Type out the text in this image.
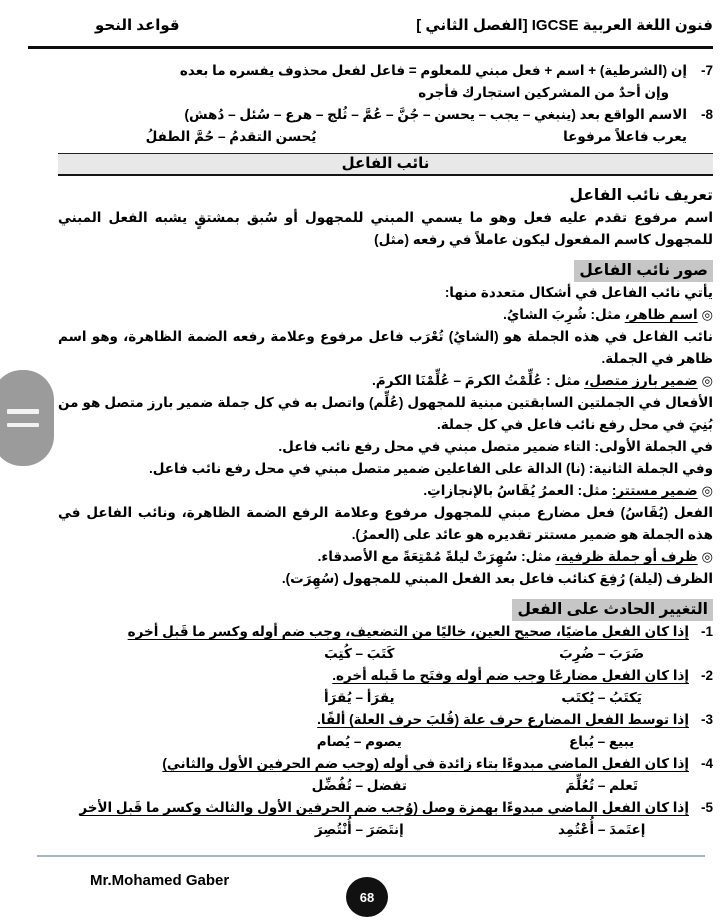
فنون اللغة العربية IGCSE [الفصل الثاني ]
قواعد النحو
7-
إن (الشرطية) + اسم + فعل مبني للمعلوم = فاعل لفعل محذوف يفسره ما بعده
وإن أحدٌ من المشركين استجارك فأجره
8-
الاسم الواقع بعد (ينبغي – يجب – يحسن – جُنَّ – عُمَّ – ثُلج – هرع – سُئل – دُهش)
يعرب فاعلاً مرفوعا
يُحسن التقدمُ – حُمَّ الطفلُ
نائب الفاعل
تعريف نائب الفاعل
اسم مرفوع تقدم عليه فعل وهو ما يسمي المبني للمجهول أو سُبق بمشتقٍ يشبه الفعل المبني للمجهول كاسم المفعول ليكون عاملاً في رفعه (مثل)
صور نائب الفاعل
يأتي نائب الفاعل في أشكال متعددة منها:
◎اسم ظاهر، مثل: شُرِبَ الشايُ.
نائب الفاعل في هذه الجملة هو (الشايُ) تُعْرَب فاعل مرفوع وعلامة رفعه الضمة الظاهرة، وهو اسم ظاهر في الجملة.
◎ضمير بارز متصل، مثل : عُلِّمْتُ الكرمَ – عُلِّمْنَا الكرمَ.
الأفعال في الجملتين السابقتين مبنية للمجهول (عُلِّم) واتصل به في كل جملة ضمير بارز متصل هو من بُنِيَ في محل رفع نائب فاعل في كل جملة.
في الجملة الأولى: التاء ضمير متصل مبني في محل رفع نائب فاعل.
وفي الجملة الثانية: (نا) الدالة على الفاعلين ضمير متصل مبني في محل رفع نائب فاعل.
◎ضمير مستتر: مثل: العمرُ يُقَاسُ بالإنجازاتِ.
الفعل (يُقَاسُ) فعل مضارع مبني للمجهول مرفوع وعلامة الرفع الضمة الظاهرة، ونائب الفاعل في هذه الجملة هو ضمير مستتر تقديره هو عائد على (العمرُ).
◎ظرف أو جملة ظرفية، مثل: سُهِرَتْ ليلةً مُمْتِعَةً مع الأصدقاء.
الظرف (ليلة) رُفِعَ كنائب فاعل بعد الفعل المبني للمجهول (سُهِرَت).
التغيير الحادث على الفعل
1-
إذا كان الفعل ماضيًا، صحيح العين، خاليًا من التضعيف، وجب ضم أوله وكسر ما قَبل أخره
ضَرَبَ – ضُرِبَ
كَتَبَ – كُتِبَ
2-
إذا كان الفعل مضارعًا وجب ضم أوله وفتَح ما قَبله أخره.
يَكتَبُ – يُكتَب
يقرَأ – يُقرَأ
3-
إذا توسط الفعل المضارع حرف علة (قُلبَ حرف العلة) ألفًا.
يبيع – يُباع
يصوم – يُصام
4-
إذا كان الفعل الماضي مبدوءًا بتاء زائدة في أوله (وجب ضم الحرفين الأول والثاني)
تَعلم – تُعُلِّمَ
تفضل – تُفُضِّل
5-
إذا كان الفعل الماضي مبدوءًا بهمزة وصل (وُجب ضم الحرفين الأول والثالث وكسر ما قَبل الأخر
إعتَمدَ – أُعْتُمِد
إنتَصَرَ – أُنْتُصِرَ
Mr.Mohamed Gaber
68
